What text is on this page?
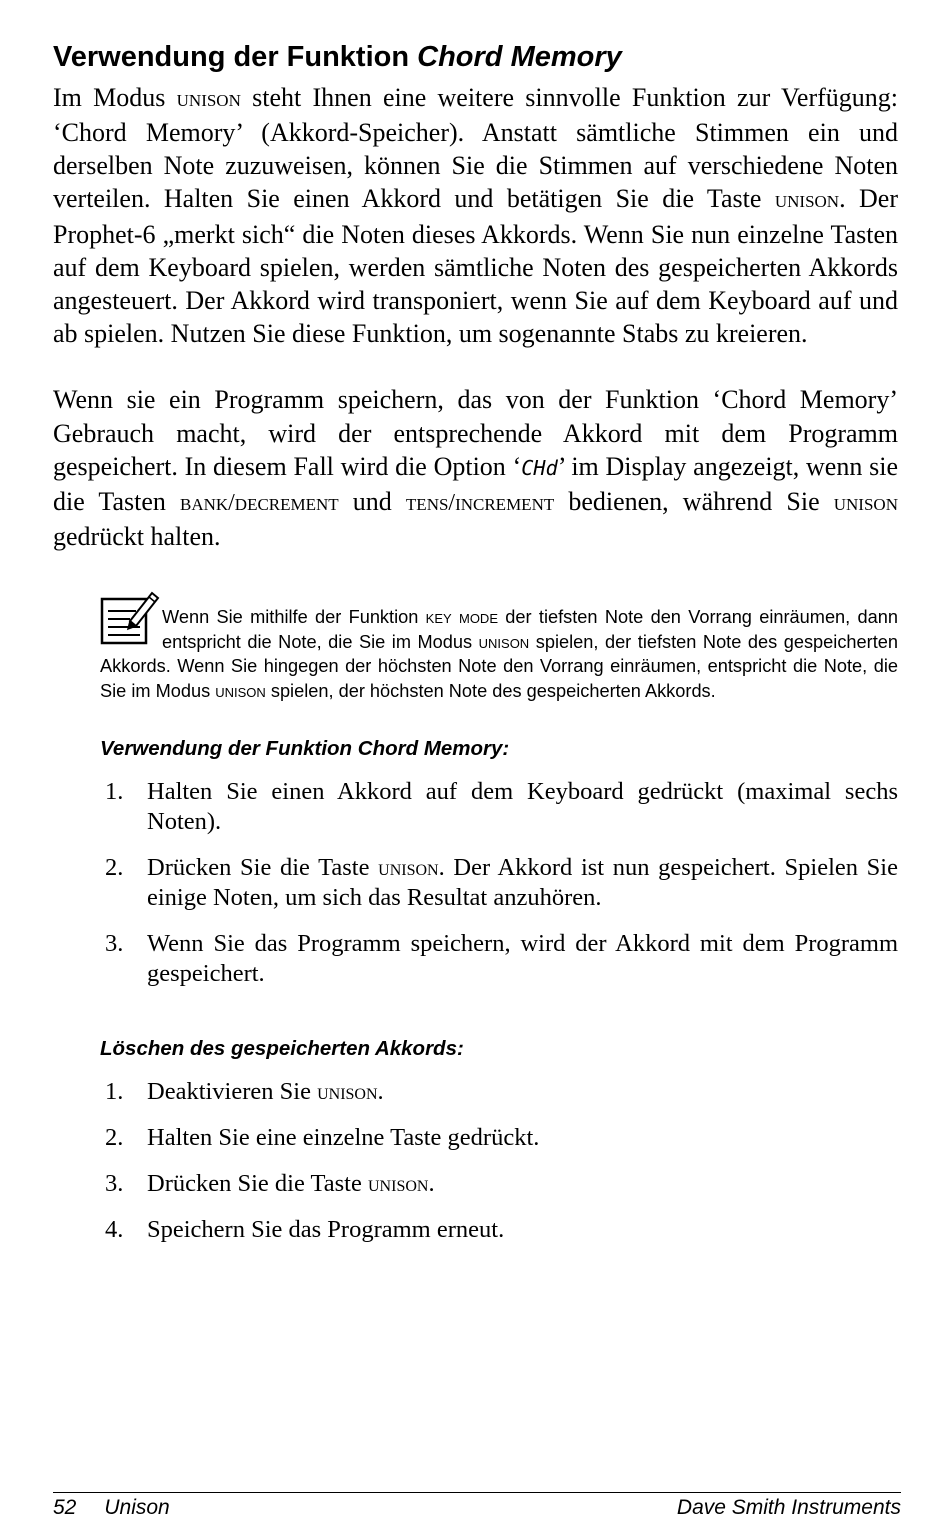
Verwendung der Funktion Chord Memory

Im Modus unison steht Ihnen eine weitere sinnvolle Funktion zur Verfügung: ‘Chord Memory’ (Akkord-Speicher). Anstatt sämtliche Stimmen ein und derselben Note zuzuweisen, können Sie die Stimmen auf verschiedene Noten verteilen. Halten Sie einen Akkord und betätigen Sie die Taste unison. Der Prophet-6 „merkt sich“ die Noten dieses Akkords. Wenn Sie nun einzelne Tasten auf dem Keyboard spielen, werden sämtliche Noten des gespeicherten Akkords angesteuert. Der Akkord wird transponiert, wenn Sie auf dem Keyboard auf und ab spielen. Nutzen Sie diese Funktion, um sogenannte Stabs zu kreieren.

Wenn sie ein Programm speichern, das von der Funktion ‘Chord Memory’ Gebrauch macht, wird der entsprechende Akkord mit dem Programm gespeichert. In diesem Fall wird die Option ‘CHd’ im Display angezeigt, wenn sie die Tasten bank/decrement und tens/increment bedienen, während Sie unison gedrückt halten.

Wenn Sie mithilfe der Funktion key mode der tiefsten Note den Vorrang einräumen, dann entspricht die Note, die Sie im Modus unison spielen, der tiefsten Note des gespeicherten Akkords. Wenn Sie hingegen der höchsten Note den Vorrang einräumen, entspricht die Note, die Sie im Modus unison spielen, der höchsten Note des gespeicherten Akkords.
Verwendung der Funktion Chord Memory:
1. Halten Sie einen Akkord auf dem Keyboard gedrückt (maximal sechs Noten).
2. Drücken Sie die Taste unison. Der Akkord ist nun gespeichert. Spielen Sie einige Noten, um sich das Resultat anzuhören.
3. Wenn Sie das Programm speichern, wird der Akkord mit dem Programm gespeichert.
Löschen des gespeicherten Akkords:
1. Deaktivieren Sie unison.
2. Halten Sie eine einzelne Taste gedrückt.
3. Drücken Sie die Taste unison.
4. Speichern Sie das Programm erneut.
52 Unison	Dave Smith Instruments
